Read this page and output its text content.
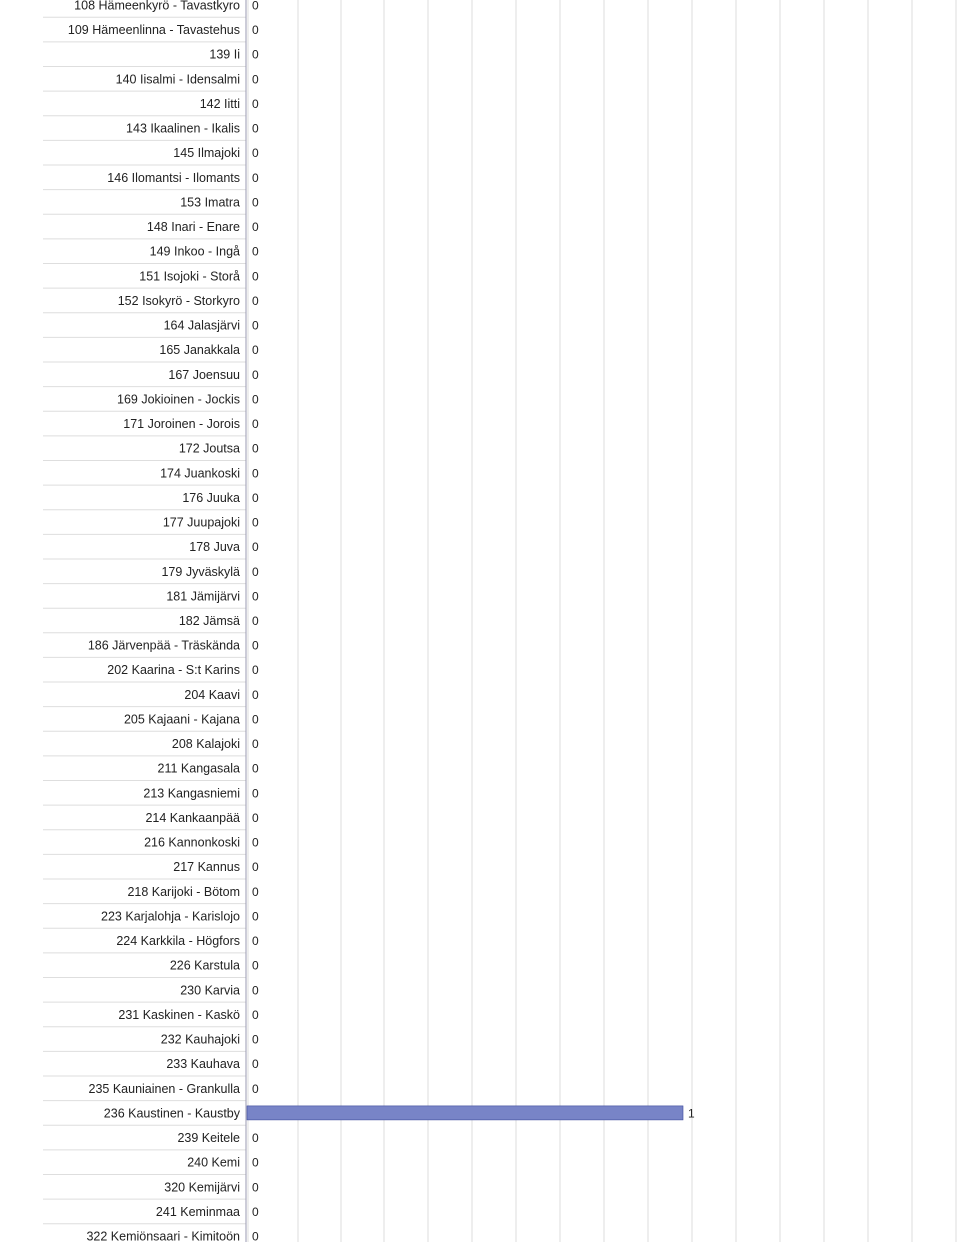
108 Hämeenkyrö - Tavastkyro
109 Hämeenlinna - Tavastehus
139 Ii
140 Iisalmi - Idensalmi
142 Iitti
143 Ikaalinen - Ikalis
145 Ilmajoki
146 Ilomantsi - Ilomants
153 Imatra
148 Inari - Enare
149 Inkoo - Ingå
151 Isojoki - Storå
152 Isokyrö - Storkyro
164 Jalasjärvi
165 Janakkala
167 Joensuu
169 Jokioinen - Jockis
171 Joroinen - Jorois
172 Joutsa
174 Juankoski
176 Juuka
177 Juupajoki
178 Juva
179 Jyväskylä
181 Jämijärvi
182 Jämsä
186 Järvenpää - Träskända
202 Kaarina - S:t Karins
204 Kaavi
205 Kajaani - Kajana
208 Kalajoki
211 Kangasala
213 Kangasniemi
214 Kankaanpää
216 Kannonkoski
217 Kannus
218 Karijoki - Bötom
223 Karjalohja - Karislojo
224 Karkkila - Högfors
226 Karstula
230 Karvia
231 Kaskinen - Kaskö
232 Kauhajoki
233 Kauhava
235 Kauniainen - Grankulla
236 Kaustinen - Kaustby
239 Keitele
240 Kemi
320 Kemijärvi
241 Keminmaa
322 Kemiönsaari - Kimitoön
0
0
0
0
0
0
0
0
0
0
0
0
0
0
0
0
0
0
0
0
0
0
0
0
0
0
0
0
0
0
0
0
0
0
0
0
0
0
0
0
0
0
0
0
0
1
0
0
0
0
0
